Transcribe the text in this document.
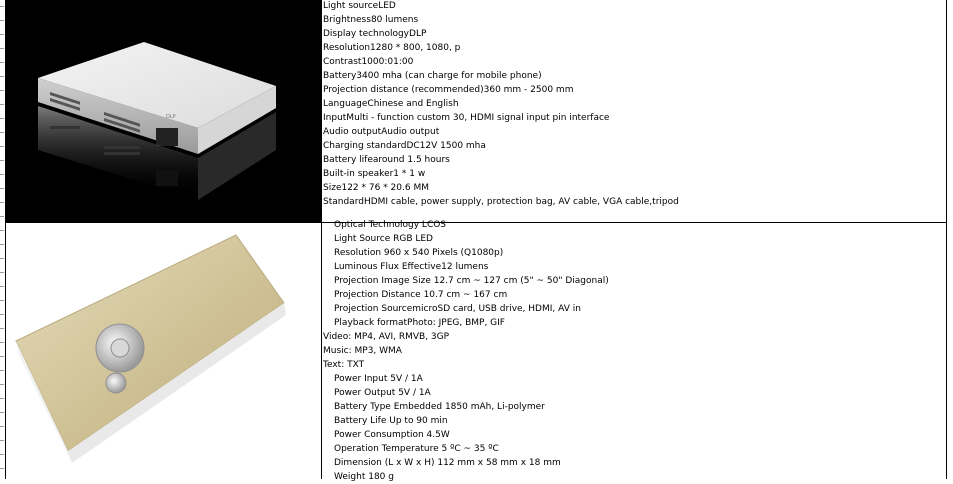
DLP
Light sourceLED
Brightness80 lumens
Display technologyDLP
Resolution1280 * 800, 1080, p
Contrast1000:01:00
Battery3400 mha (can charge for mobile phone)
Projection distance (recommended)360 mm - 2500 mm
LanguageChinese and English
InputMulti - function custom 30, HDMI signal input pin interface
Audio outputAudio output
Charging standardDC12V 1500 mha
Battery lifearound 1.5 hours
Built-in speaker1 * 1 w
Size122 * 76 * 20.6 MM
StandardHDMI cable, power supply, protection bag, AV cable, VGA cable,tripod
Optical Technology LCOS
Light Source RGB LED
Resolution 960 x 540 Pixels (Q1080p)
Luminous Flux Effective12 lumens
Projection Image Size 12.7 cm ~ 127 cm (5" ~ 50" Diagonal)
Projection Distance 10.7 cm ~ 167 cm
Projection SourcemicroSD card, USB drive, HDMI, AV in
Playback formatPhoto: JPEG, BMP, GIF
Video: MP4, AVI, RMVB, 3GP
Music: MP3, WMA
Text: TXT
Power Input 5V / 1A
Power Output 5V / 1A
Battery Type Embedded 1850 mAh, Li-polymer
Battery Life Up to 90 min
Power Consumption 4.5W
Operation Temperature 5 ºC ~ 35 ºC
Dimension (L x W x H) 112 mm x 58 mm x 18 mm
Weight 180 g
